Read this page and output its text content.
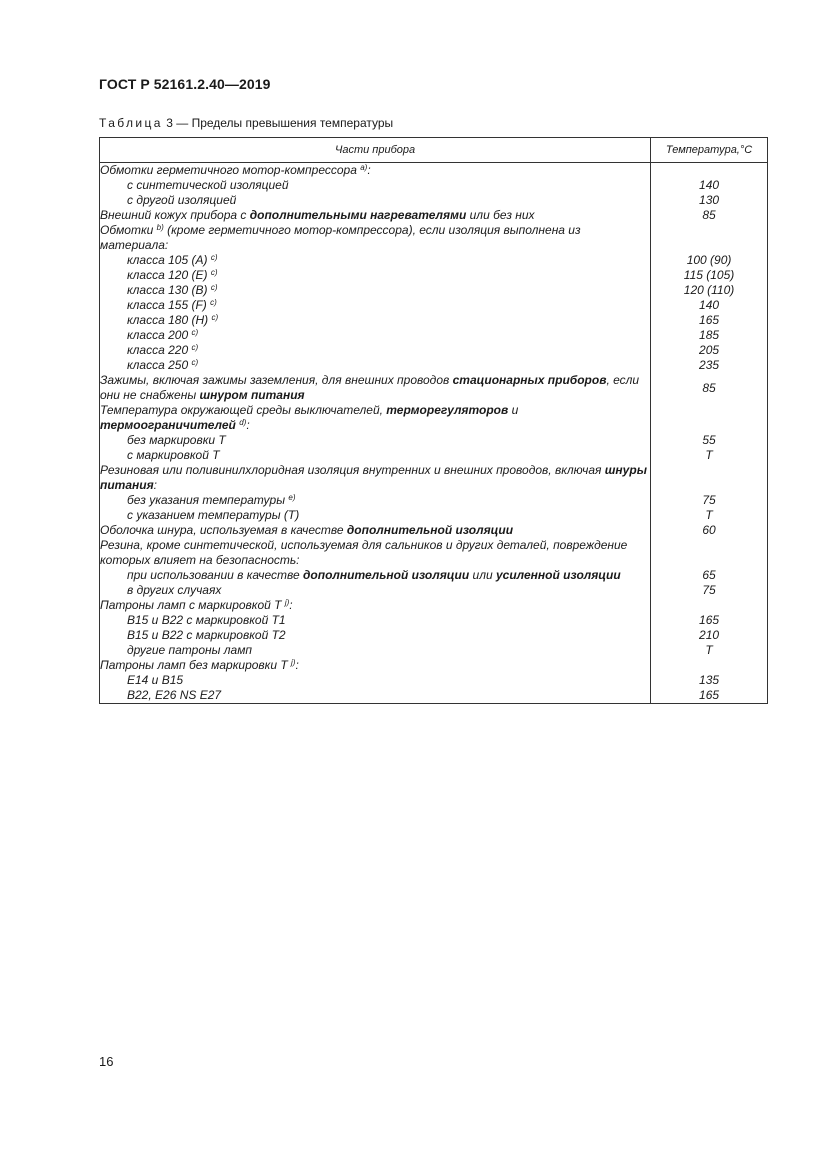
ГОСТ Р 52161.2.40—2019
Таблица 3 — Пределы превышения температуры
Части прибора	Температура,°С
Обмотки герметичного мотор-компрессора $^{a)}$:	
с синтетической изоляцией	140
с другой изоляцией	130
Внешний кожух прибора с дополнительными нагревателями или без них	85
Обмотки $^{b)}$ (кроме герметичного мотор-компрессора), если изоляция выполнена из материала:	
класса 105 (A) $^{c)}$	100 (90)
класса 120 (E) $^{c)}$	115 (105)
класса 130 (B) $^{c)}$	120 (110)
класса 155 (F) $^{c)}$	140
класса 180 (H) $^{c)}$	165
класса 200 $^{c)}$	185
класса 220 $^{c)}$	205
класса 250 $^{c)}$	235
Зажимы, включая зажимы заземления, для внешних проводов стационарных приборов, если они не снабжены шнуром питания	85
Температура окружающей среды выключателей, терморегуляторов и термоограничителей $^{d)}$:	
без маркировки T	55
с маркировкой T	T
Резиновая или поливинилхлоридная изоляция внутренних и внешних проводов, включая шнуры питания:	
без указания температуры $^{e)}$	75
с указанием температуры (T)	T
Оболочка шнура, используемая в качестве дополнительной изоляции	60
Резина, кроме синтетической, используемая для сальников и других деталей, повреждение которых влияет на безопасность:	
при использовании в качестве дополнительной изоляции или усиленной изоляции	65
в других случаях	75
Патроны ламп с маркировкой T $^{j)}$:	
B15 и B22 с маркировкой T1	165
B15 и B22 с маркировкой T2	210
другие патроны ламп	T
Патроны ламп без маркировки T $^{j)}$:	
E14 и B15	135
B22, E26 NS E27	165
16
